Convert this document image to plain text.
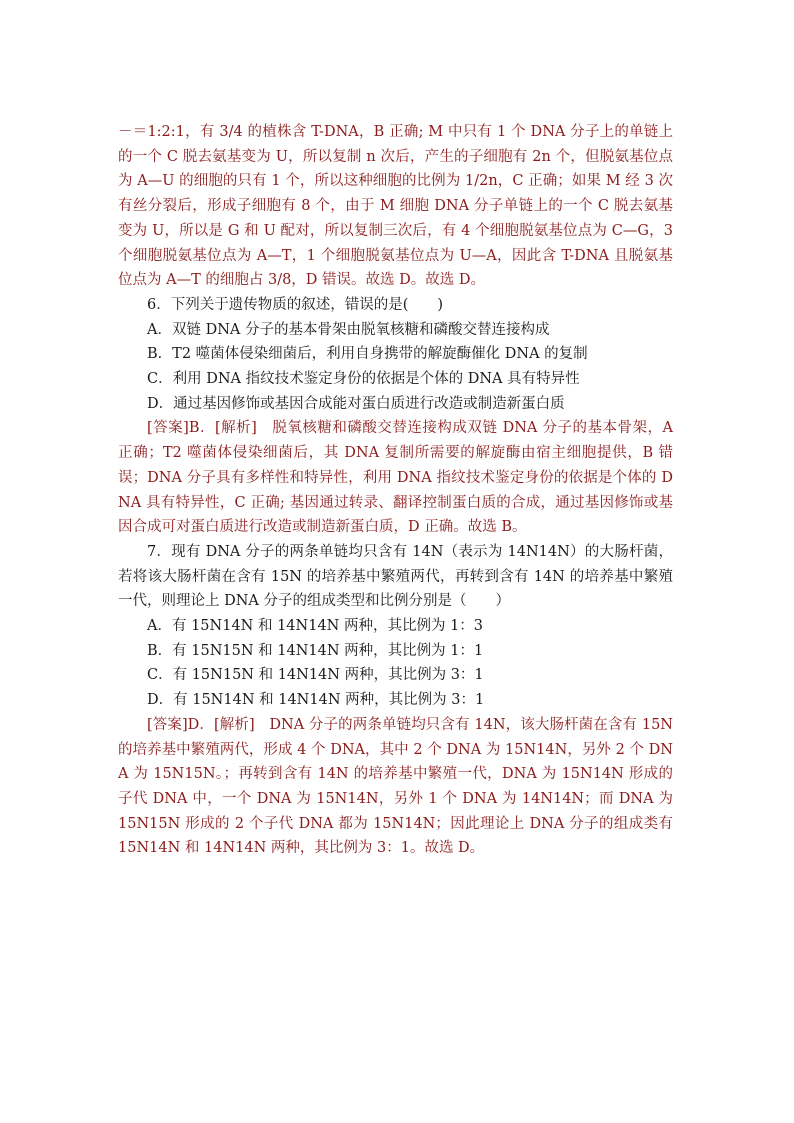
－＝1:2:1，有 3/4 的植株含 T-DNA，B 正确; M 中只有 1 个 DNA 分子上的单链上的一个 C 脱去氨基变为 U，所以复制 n 次后，产生的子细胞有 2n 个，但脱氨基位点为 A—U 的细胞的只有 1 个，所以这种细胞的比例为 1/2n，C 正确；如果 M 经 3 次有丝分裂后，形成子细胞有 8 个，由于 M 细胞 DNA 分子单链上的一个 C 脱去氨基变为 U，所以是 G 和 U 配对，所以复制三次后，有 4 个细胞脱氨基位点为 C—G，3 个细胞脱氨基位点为 A—T，1 个细胞脱氨基位点为 U—A，因此含 T-DNA 且脱氨基位点为 A—T 的细胞占 3/8，D 错误。故选 D。故选 D。

6．下列关于遗传物质的叙述，错误的是(　　)

A．双链 DNA 分子的基本骨架由脱氧核糖和磷酸交替连接构成

B．T2 噬菌体侵染细菌后，利用自身携带的解旋酶催化 DNA 的复制

C．利用 DNA 指纹技术鉴定身份的依据是个体的 DNA 具有特异性

D．通过基因修饰或基因合成能对蛋白质进行改造或制造新蛋白质

[答案]B．[解析]　脱氧核糖和磷酸交替连接构成双链 DNA 分子的基本骨架，A 正确；T2 噬菌体侵染细菌后，其 DNA 复制所需要的解旋酶由宿主细胞提供，B 错误；DNA 分子具有多样性和特异性，利用 DNA 指纹技术鉴定身份的依据是个体的 DNA 具有特异性，C 正确; 基因通过转录、翻译控制蛋白质的合成，通过基因修饰或基因合成可对蛋白质进行改造或制造新蛋白质，D 正确。故选 B。

7．现有 DNA 分子的两条单链均只含有 14N（表示为 14N14N）的大肠杆菌，若将该大肠杆菌在含有 15N 的培养基中繁殖两代，再转到含有 14N 的培养基中繁殖一代，则理论上 DNA 分子的组成类型和比例分别是（　　）

A．有 15N14N 和 14N14N 两种，其比例为 1：3

B．有 15N15N 和 14N14N 两种，其比例为 1：1

C．有 15N15N 和 14N14N 两种，其比例为 3：1

D．有 15N14N 和 14N14N 两种，其比例为 3：1

[答案]D．[解析]　DNA 分子的两条单链均只含有 14N，该大肠杆菌在含有 15N 的培养基中繁殖两代，形成 4 个 DNA，其中 2 个 DNA 为 15N14N，另外 2 个 DNA 为 15N15N。；再转到含有 14N 的培养基中繁殖一代，DNA 为 15N14N 形成的子代 DNA 中，一个 DNA 为 15N14N，另外 1 个 DNA 为 14N14N；而 DNA 为 15N15N 形成的 2 个子代 DNA 都为 15N14N；因此理论上 DNA 分子的组成类有 15N14N 和 14N14N 两种，其比例为 3：1。故选 D。
